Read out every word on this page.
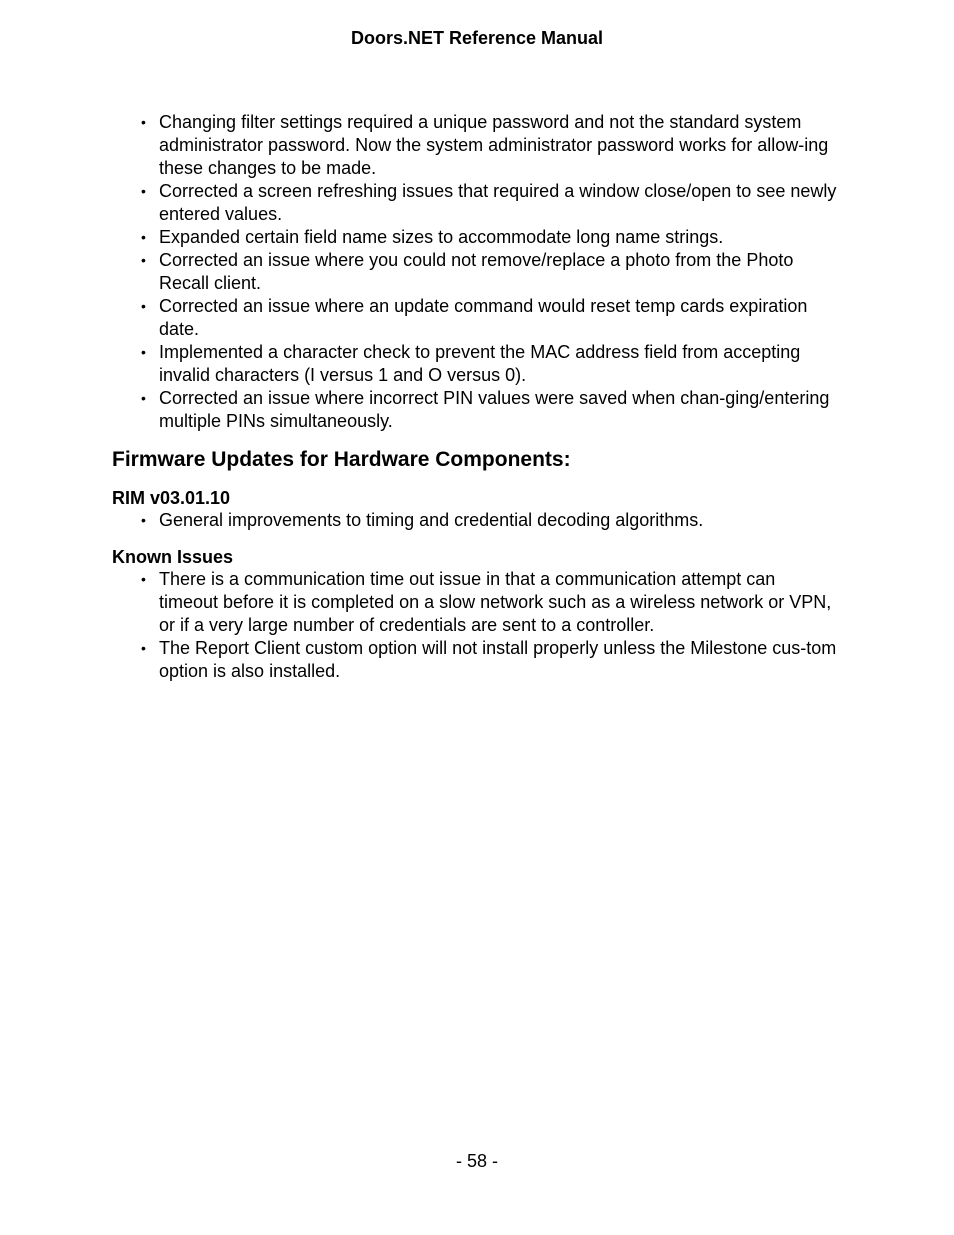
Doors.NET Reference Manual
• Changing filter settings required a unique password and not the standard system administrator password. Now the system administrator password works for allow-ing these changes to be made.
• Corrected a screen refreshing issues that required a window close/open to see newly entered values.
• Expanded certain field name sizes to accommodate long name strings.
• Corrected an issue where you could not remove/replace a photo from the Photo Recall client.
• Corrected an issue where an update command would reset temp cards expiration date.
• Implemented a character check to prevent the MAC address field from accepting invalid characters (I versus 1 and O versus 0).
• Corrected an issue where incorrect PIN values were saved when chan-ging/entering multiple PINs simultaneously.
Firmware Updates for Hardware Components:
RIM v03.01.10
• General improvements to timing and credential decoding algorithms.
Known Issues
• There is a communication time out issue in that a communication attempt can timeout before it is completed on a slow network such as a wireless network or VPN, or if a very large number of credentials are sent to a controller.
• The Report Client custom option will not install properly unless the Milestone cus-tom option is also installed.
- 58 -
